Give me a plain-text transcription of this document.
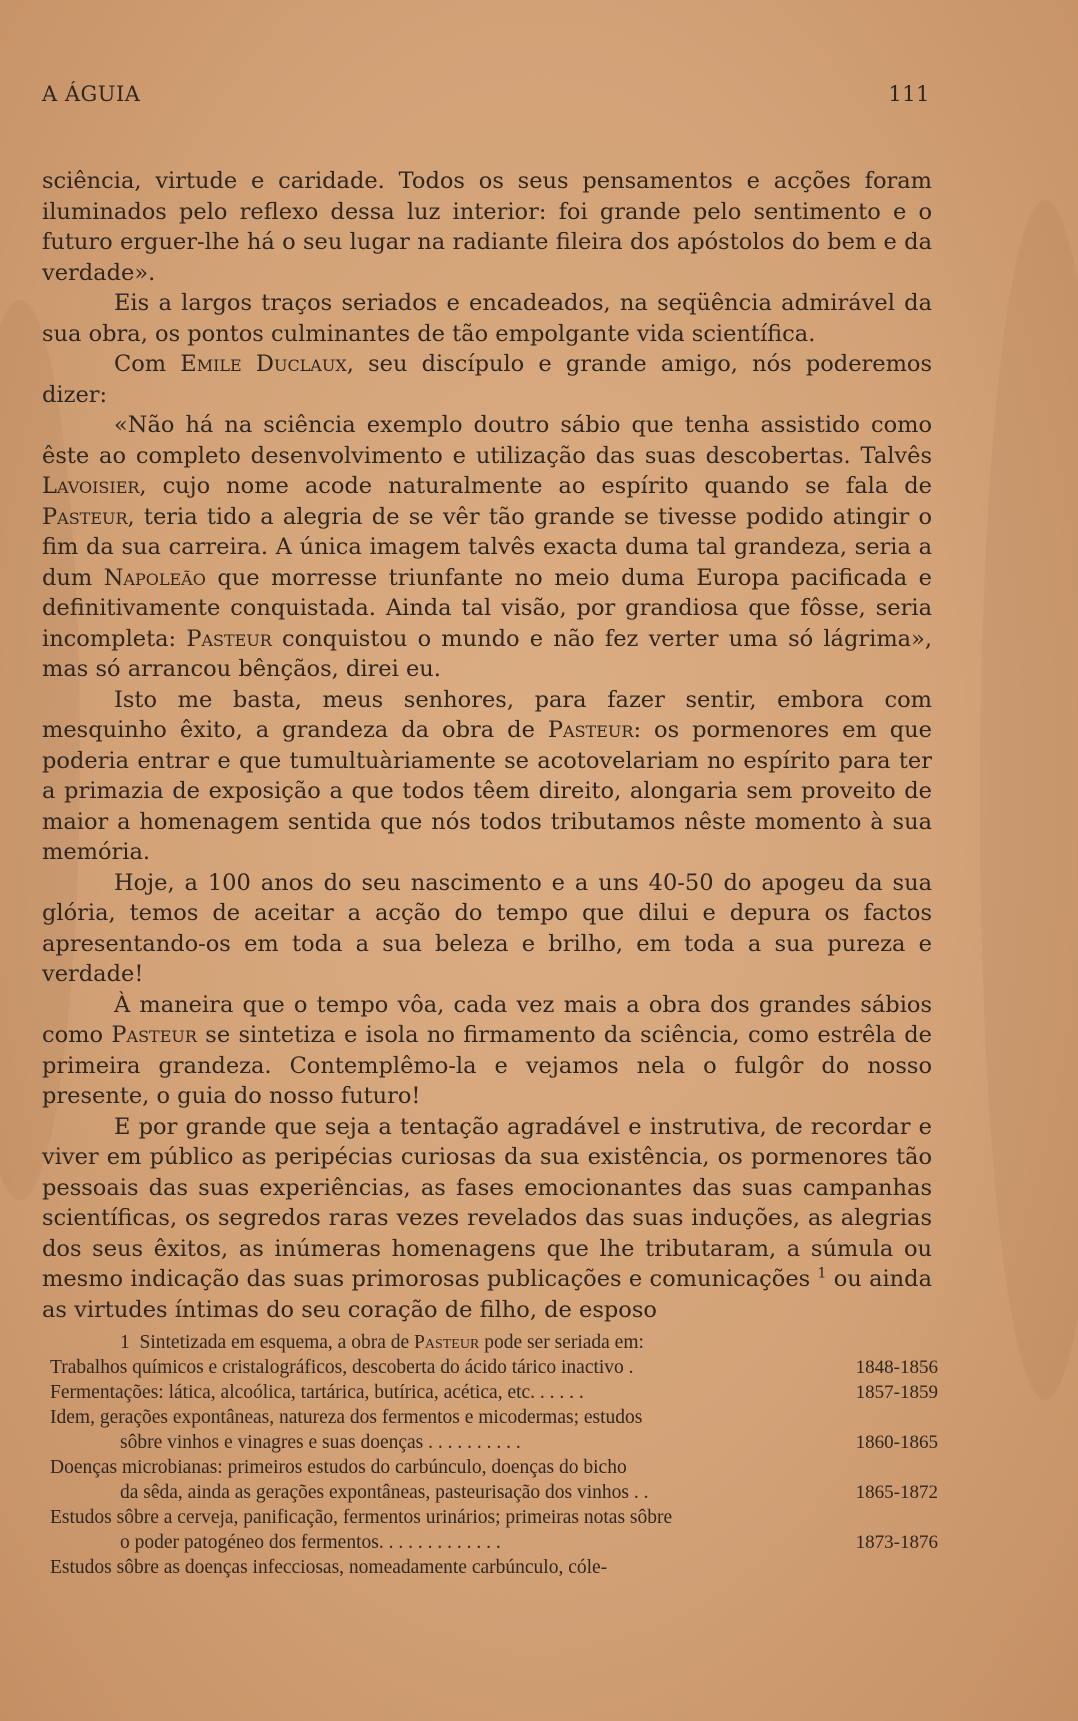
A ÁGUIA	111

sciência, virtude e caridade. Todos os seus pensamentos e acções foram iluminados pelo reflexo dessa luz interior: foi grande pelo sentimento e o futuro erguer-lhe há o seu lugar na radiante fileira dos apóstolos do bem e da verdade».

Eis a largos traços seriados e encadeados, na seqüência admirável da sua obra, os pontos culminantes de tão empolgante vida scientífica.

Com Emile Duclaux, seu discípulo e grande amigo, nós poderemos dizer:

«Não há na sciência exemplo doutro sábio que tenha assistido como êste ao completo desenvolvimento e utilização das suas descobertas. Talvês Lavoisier, cujo nome acode naturalmente ao espírito quando se fala de Pasteur, teria tido a alegria de se vêr tão grande se tivesse podido atingir o fim da sua carreira. A única imagem talvês exacta duma tal grandeza, seria a dum Napoleão que morresse triunfante no meio duma Europa pacificada e definitivamente conquistada. Ainda tal visão, por grandiosa que fôsse, seria incompleta: Pasteur conquistou o mundo e não fez verter uma só lágrima», mas só arrancou bênçãos, direi eu.

Isto me basta, meus senhores, para fazer sentir, embora com mesquinho êxito, a grandeza da obra de Pasteur: os pormenores em que poderia entrar e que tumultuàriamente se acotovelariam no espírito para ter a primazia de exposição a que todos têem direito, alongaria sem proveito de maior a homenagem sentida que nós todos tributamos nêste momento à sua memória.

Hoje, a 100 anos do seu nascimento e a uns 40-50 do apogeu da sua glória, temos de aceitar a acção do tempo que dilui e depura os factos apresentando-os em toda a sua beleza e brilho, em toda a sua pureza e verdade!

À maneira que o tempo vôa, cada vez mais a obra dos grandes sábios como Pasteur se sintetiza e isola no firmamento da sciência, como estrêla de primeira grandeza. Contemplêmo-la e vejamos nela o fulgôr do nosso presente, o guia do nosso futuro!

E por grande que seja a tentação agradável e instrutiva, de recordar e viver em público as peripécias curiosas da sua existência, os pormenores tão pessoais das suas experiências, as fases emocionantes das suas campanhas scientíficas, os segredos raras vezes revelados das suas induções, as alegrias dos seus êxitos, as inúmeras homenagens que lhe tributaram, a súmula ou mesmo indicação das suas primorosas publicações e comunicações $^1$ ou ainda as virtudes íntimas do seu coração de filho, de esposo

1 Sintetizada em esquema, a obra de Pasteur pode ser seriada em:
Trabalhos químicos e cristalográficos, descoberta do ácido tárico inactivo .	1848-1856
Fermentações: lática, alcoólica, tartárica, butírica, acética, etc. . . . . .	1857-1859
Idem, gerações expontâneas, natureza dos fermentos e micodermas; estudos
sôbre vinhos e vinagres e suas doenças . . . . . . . . . .	1860-1865
Doenças microbianas: primeiros estudos do carbúnculo, doenças do bicho
da sêda, ainda as gerações expontâneas, pasteurisação dos vinhos . .	1865-1872
Estudos sôbre a cerveja, panificação, fermentos urinários; primeiras notas sôbre
o poder patogéneo dos fermentos. . . . . . . . . . . . .	1873-1876
Estudos sôbre as doenças infecciosas, nomeadamente carbúnculo, cóle-
